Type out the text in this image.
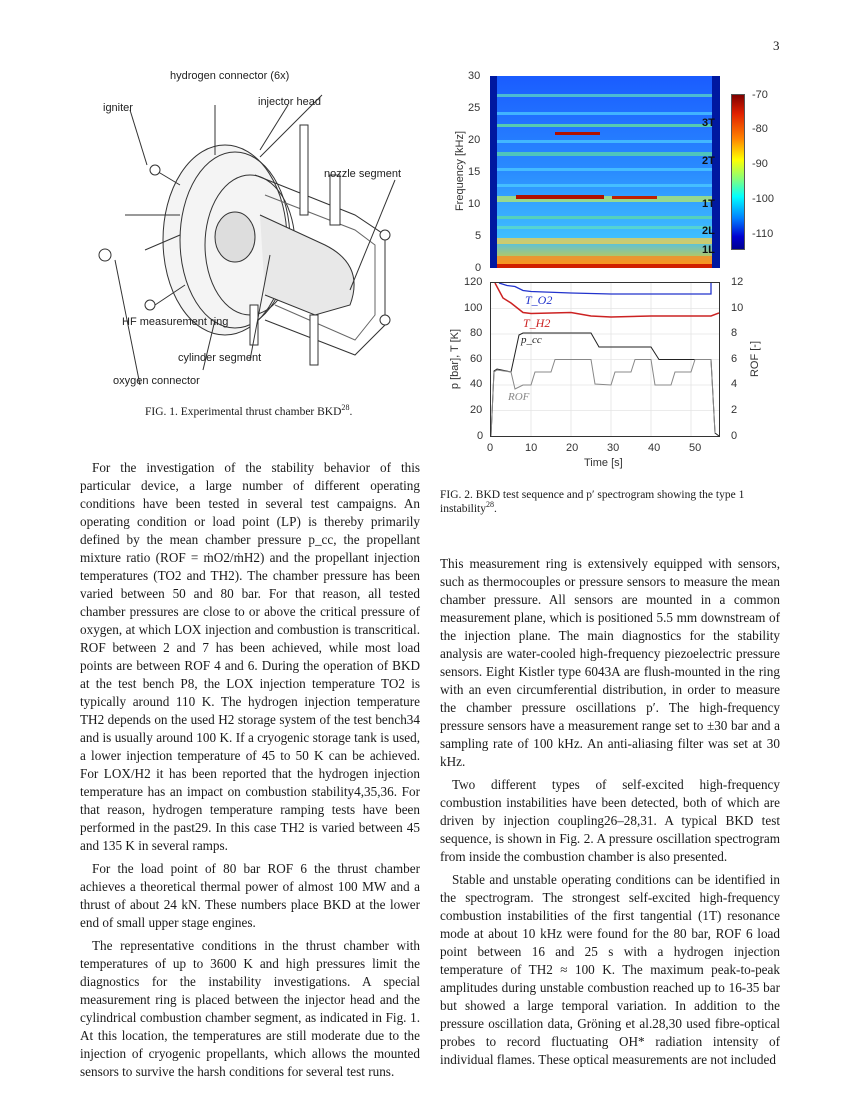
3
hydrogen connector (6x)
igniter	injector head
nozzle segment
HF measurement ring
cylinder segment
oxygen connector
FIG. 1. Experimental thrust chamber BKD$^{28}$.
3T
2T
1T
2L
1L
30
25
20
15
10
5
0
Frequency [kHz]
-70
-80
-90
-100
-110
T_O2
T_H2
p_cc
ROF
120
100
80
60
40
20
0
p [bar], T [K]
12
10
8
6
4
2
0
ROF [-]
0	10	20	30	40	50
Time [s]
FIG. 2. BKD test sequence and p′ spectrogram showing the type 1 instability$^{28}$.

For the investigation of the stability behavior of this particular device, a large number of different operating conditions have been tested in several test campaigns. An operating condition or load point (LP) is thereby primarily defined by the mean chamber pressure p_cc, the propellant mixture ratio (ROF = ṁO2/ṁH2) and the propellant injection temperatures (TO2 and TH2). The chamber pressure has been varied between 50 and 80 bar. For that reason, all tested chamber pressures are close to or above the critical pressure of oxygen, at which LOX injection and combustion is transcritical. ROF between 2 and 7 has been achieved, while most load points are between ROF 4 and 6. During the operation of BKD at the test bench P8, the LOX injection temperature TO2 is typically around 110 K. The hydrogen injection temperature TH2 depends on the used H2 storage system of the test bench34 and is usually around 100 K. If a cryogenic storage tank is used, a lower injection temperature of 45 to 50 K can be achieved. For LOX/H2 it has been reported that the hydrogen injection temperature has an impact on combustion stability4,35,36. For that reason, hydrogen temperature ramping tests have been performed in the past29. In this case TH2 is varied between 45 and 135 K in several ramps.

For the load point of 80 bar ROF 6 the thrust chamber achieves a theoretical thermal power of almost 100 MW and a thrust of about 24 kN. These numbers place BKD at the lower end of small upper stage engines.

The representative conditions in the thrust chamber with temperatures of up to 3600 K and high pressures limit the diagnostics for the instability investigations. A special measurement ring is placed between the injector head and the cylindrical combustion chamber segment, as indicated in Fig. 1. At this location, the temperatures are still moderate due to the injection of cryogenic propellants, which allows the mounted sensors to survive the harsh conditions for several test runs.

This measurement ring is extensively equipped with sensors, such as thermocouples or pressure sensors to measure the mean chamber pressure. All sensors are mounted in a common measurement plane, which is positioned 5.5 mm downstream of the injection plane. The main diagnostics for the stability analysis are water-cooled high-frequency piezoelectric pressure sensors. Eight Kistler type 6043A are flush-mounted in the ring with an even circumferential distribution, in order to measure the chamber pressure oscillations p′. The high-frequency pressure sensors have a measurement range set to ±30 bar and a sampling rate of 100 kHz. An anti-aliasing filter was set at 30 kHz.

Two different types of self-excited high-frequency combustion instabilities have been detected, both of which are driven by injection coupling26–28,31. A typical BKD test sequence, is shown in Fig. 2. A pressure oscillation spectrogram from inside the combustion chamber is also presented.

Stable and unstable operating conditions can be identified in the spectrogram. The strongest self-excited high-frequency combustion instabilities of the first tangential (1T) resonance mode at about 10 kHz were found for the 80 bar, ROF 6 load point between 16 and 25 s with a hydrogen injection temperature of TH2 ≈ 100 K. The maximum peak-to-peak amplitudes during unstable combustion reached up to 16-35 bar but showed a large temporal variation. In addition to the pressure oscillation data, Gröning et al.28,30 used fibre-optical probes to record fluctuating OH* radiation intensity of individual flames. These optical measurements are not included
